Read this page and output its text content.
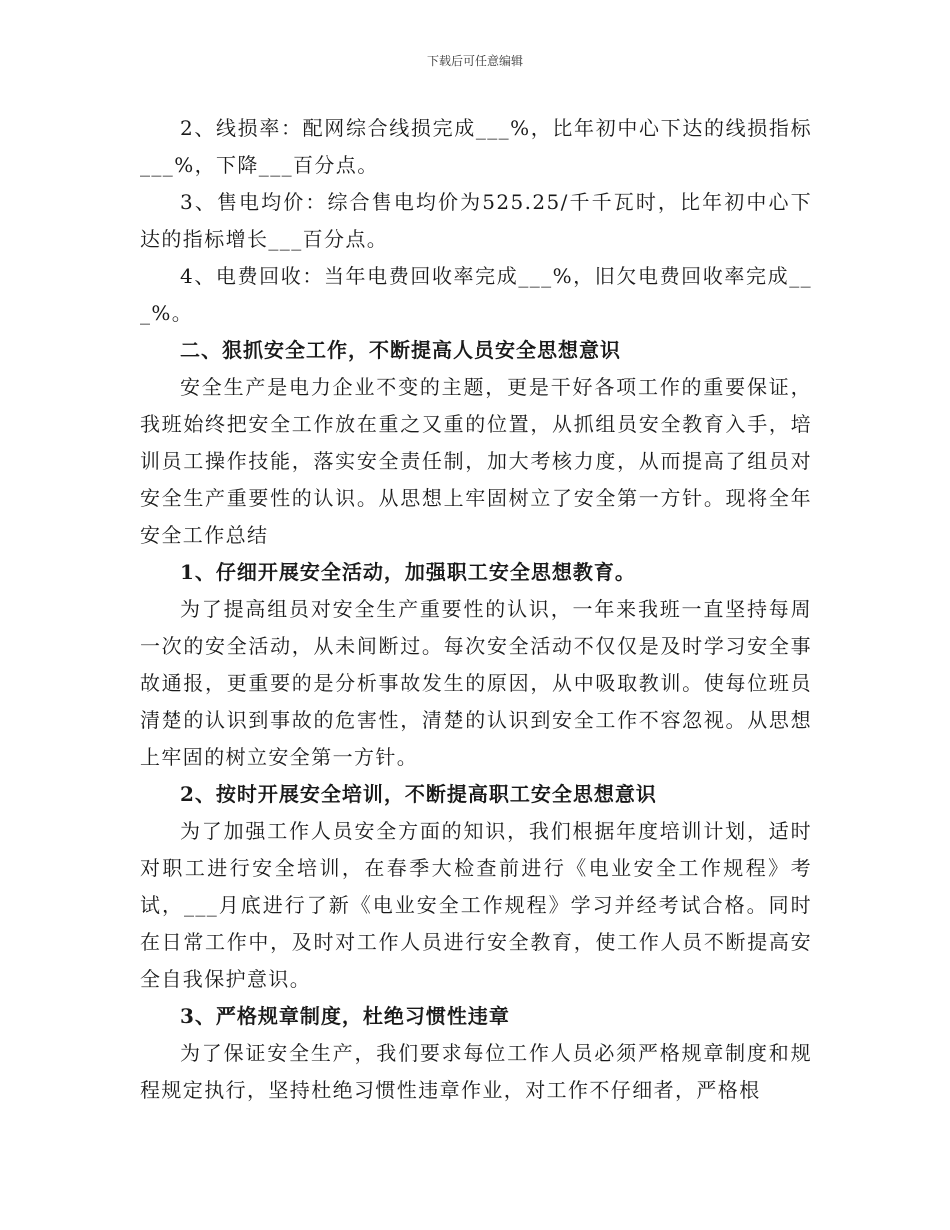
下载后可任意编辑

2、线损率：配网综合线损完成___%，比年初中心下达的线损指标___%，下降___百分点。

3、售电均价：综合售电均价为525.25/千千瓦时，比年初中心下达的指标增长___百分点。

4、电费回收：当年电费回收率完成___%，旧欠电费回收率完成___%。

二、狠抓安全工作，不断提高人员安全思想意识

安全生产是电力企业不变的主题，更是干好各项工作的重要保证，我班始终把安全工作放在重之又重的位置，从抓组员安全教育入手，培训员工操作技能，落实安全责任制，加大考核力度，从而提高了组员对安全生产重要性的认识。从思想上牢固树立了安全第一方针。现将全年安全工作总结

1、仔细开展安全活动，加强职工安全思想教育。

为了提高组员对安全生产重要性的认识，一年来我班一直坚持每周一次的安全活动，从未间断过。每次安全活动不仅仅是及时学习安全事故通报，更重要的是分析事故发生的原因，从中吸取教训。使每位班员清楚的认识到事故的危害性，清楚的认识到安全工作不容忽视。从思想上牢固的树立安全第一方针。

2、按时开展安全培训，不断提高职工安全思想意识

为了加强工作人员安全方面的知识，我们根据年度培训计划，适时对职工进行安全培训，在春季大检查前进行《电业安全工作规程》考试，___月底进行了新《电业安全工作规程》学习并经考试合格。同时在日常工作中，及时对工作人员进行安全教育，使工作人员不断提高安全自我保护意识。

3、严格规章制度，杜绝习惯性违章

为了保证安全生产，我们要求每位工作人员必须严格规章制度和规程规定执行，坚持杜绝习惯性违章作业，对工作不仔细者，严格根
